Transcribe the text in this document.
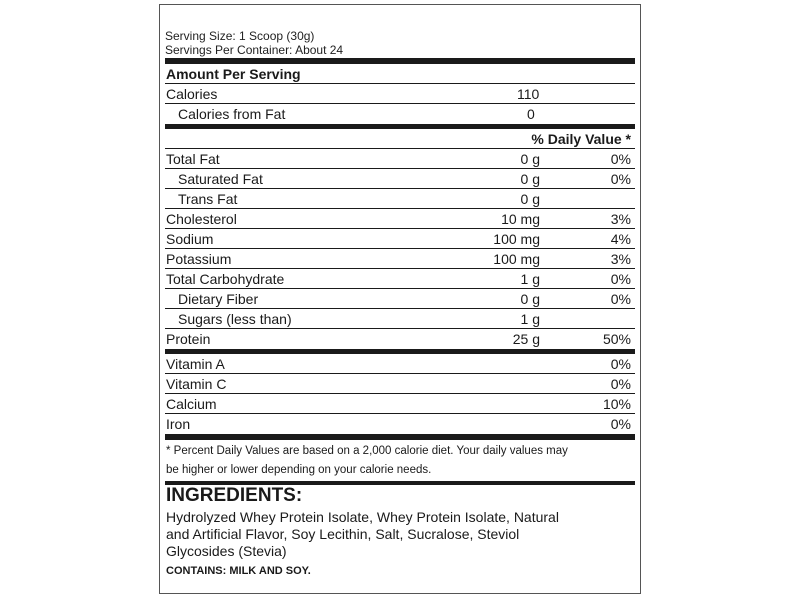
Serving Size: 1 Scoop (30g)
Servings Per Container: About 24
Amount Per Serving
Calories	110
Calories from Fat	0
% Daily Value *
Total Fat	0 g	0%
Saturated Fat	0 g	0%
Trans Fat	0 g
Cholesterol	10 mg	3%
Sodium	100 mg	4%
Potassium	100 mg	3%
Total Carbohydrate	1 g	0%
Dietary Fiber	0 g	0%
Sugars (less than)	1 g
Protein	25 g	50%
Vitamin A	0%
Vitamin C	0%
Calcium	10%
Iron	0%
* Percent Daily Values are based on a 2,000 calorie diet. Your daily values may
be higher or lower depending on your calorie needs.
INGREDIENTS:
Hydrolyzed Whey Protein Isolate, Whey Protein Isolate, Natural
and Artificial Flavor, Soy Lecithin, Salt, Sucralose, Steviol
Glycosides (Stevia)
CONTAINS: MILK AND SOY.
